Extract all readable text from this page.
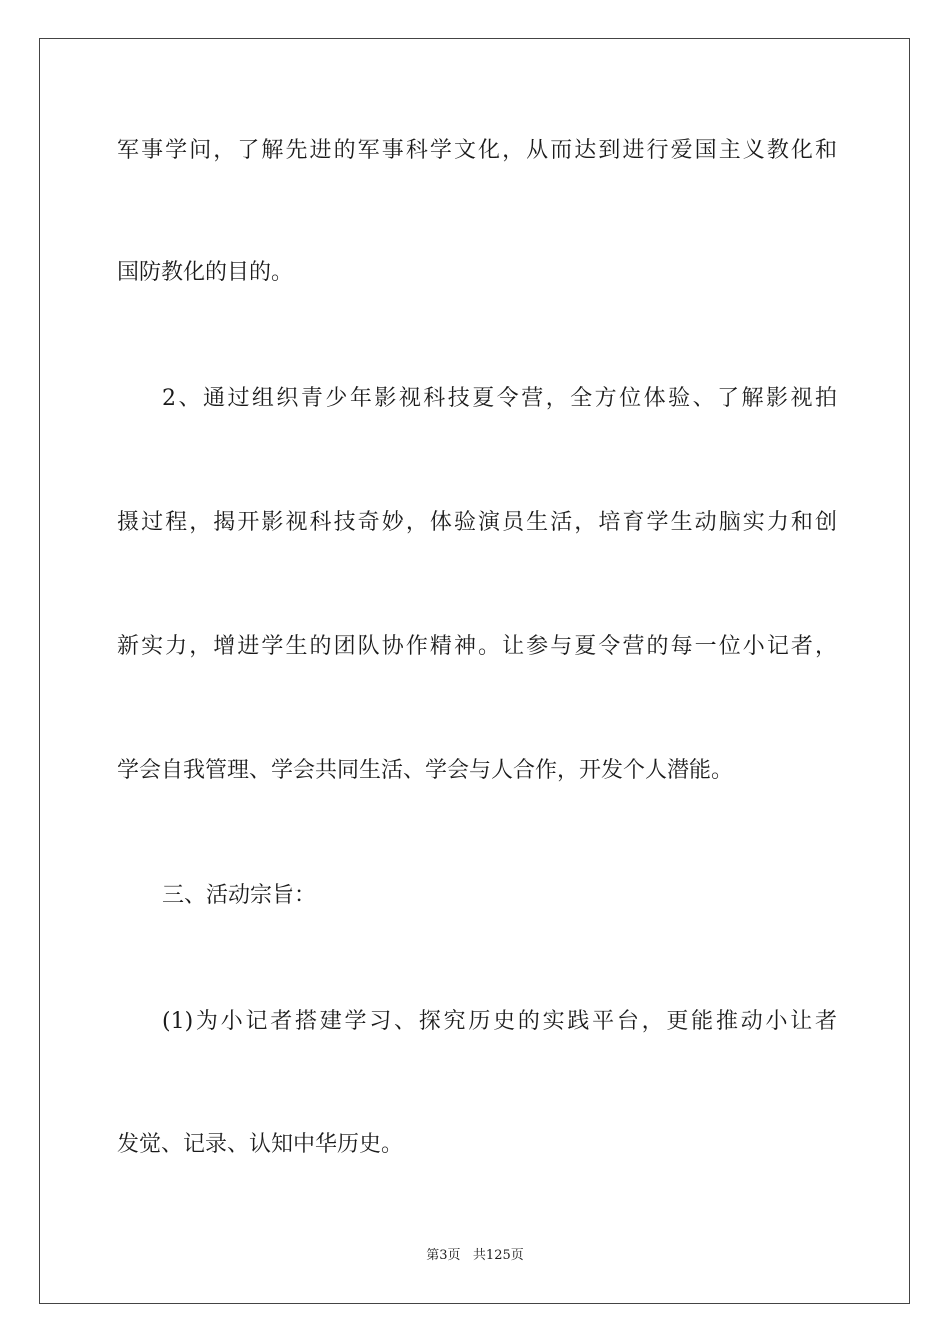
军事学问，了解先进的军事科学文化，从而达到进行爱国主义教化和
国防教化的目的。
2、通过组织青少年影视科技夏令营，全方位体验、了解影视拍
摄过程，揭开影视科技奇妙，体验演员生活，培育学生动脑实力和创
新实力，增进学生的团队协作精神。让参与夏令营的每一位小记者，
学会自我管理、学会共同生活、学会与人合作，开发个人潜能。
三、活动宗旨：
(1)为小记者搭建学习、探究历史的实践平台，更能推动小让者
发觉、记录、认知中华历史。
第3页   共125页
